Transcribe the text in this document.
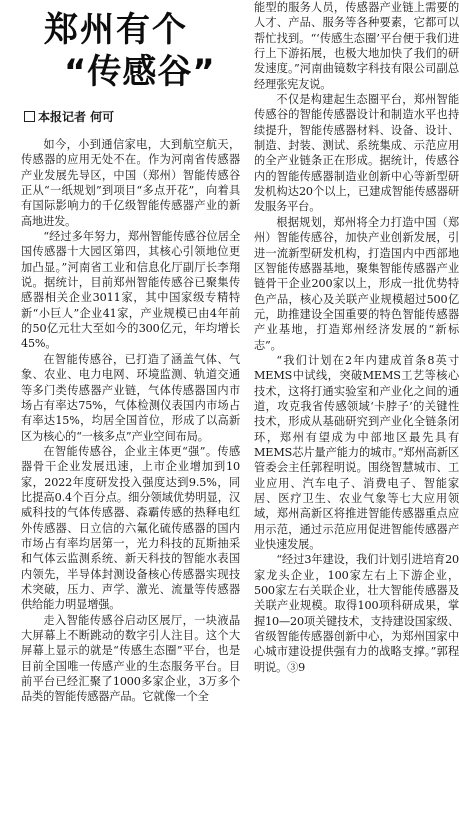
郑州有个
“传感谷”
本报记者 何可

如今，小到通信家电，大到航空航天，传感器的应用无处不在。作为河南省传感器产业发展先导区，中国（郑州）智能传感谷正从“一纸规划”到项目“多点开花”，向着具有国际影响力的千亿级智能传感器产业的新高地进发。

“经过多年努力，郑州智能传感谷位居全国传感器十大园区第四，其核心引领地位更加凸显。”河南省工业和信息化厅副厅长李翔说。据统计，目前郑州智能传感谷已聚集传感器相关企业3011家，其中国家级专精特新“小巨人”企业41家，产业规模已由4年前的50亿元壮大至如今的300亿元，年均增长45%。

在智能传感谷，已打造了涵盖气体、气象、农业、电力电网、环境监测、轨道交通等多门类传感器产业链，气体传感器国内市场占有率达75%，气体检测仪表国内市场占有率达15%，均居全国首位，形成了以高新区为核心的“一核多点”产业空间布局。

在智能传感谷，企业主体更“强”。传感器骨干企业发展迅速，上市企业增加到10家，2022年度研发投入强度达到9.5%，同比提高0.4个百分点。细分领域优势明显，汉威科技的气体传感器、森霸传感的热释电红外传感器、日立信的六氟化硫传感器的国内市场占有率均居第一，光力科技的瓦斯抽采和气体云监测系统、新天科技的智能水表国内领先，半导体封测设备核心传感器实现技术突破，压力、声学、激光、流量等传感器供给能力明显增强。

走入智能传感谷启动区展厅，一块液晶大屏幕上不断跳动的数字引人注目。这个大屏幕上显示的就是“传感生态圈”平台，也是目前全国唯一传感产业的生态服务平台。目前平台已经汇聚了1000多家企业，3万多个品类的智能传感器产品。它就像一个全

能型的服务人员，传感器产业链上需要的人才、产品、服务等各种要素，它都可以帮忙找到。“‘传感生态圈’平台便于我们进行上下游拓展，也极大地加快了我们的研发速度。”河南曲镜数字科技有限公司副总经理张宪友说。

不仅是构建起生态圈平台，郑州智能传感谷的智能传感器设计和制造水平也持续提升，智能传感器材料、设备、设计、制造、封装、测试、系统集成、示范应用的全产业链条正在形成。据统计，传感谷内的智能传感器制造业创新中心等新型研发机构达20个以上，已建成智能传感器研发服务平台。

根据规划，郑州将全力打造中国（郑州）智能传感谷，加快产业创新发展，引进一流新型研发机构，打造国内中西部地区智能传感器基地，聚集智能传感器产业链骨干企业200家以上，形成一批优势特色产品，核心及关联产业规模超过500亿元，助推建设全国重要的特色智能传感器产业基地，打造郑州经济发展的“新标志”。

“我们计划在2年内建成首条8英寸MEMS中试线，突破MEMS工艺等核心技术，这将打通实验室和产业化之间的通道，攻克我省传感领域‘卡脖子’的关键性技术，形成从基础研究到产业化全链条闭环，郑州有望成为中部地区最先具有MEMS芯片量产能力的城市。”郑州高新区管委会主任郭程明说。围绕智慧城市、工业应用、汽车电子、消费电子、智能家居、医疗卫生、农业气象等七大应用领域，郑州高新区将推进智能传感器重点应用示范，通过示范应用促进智能传感器产业快速发展。

“经过3年建设，我们计划引进培育20家龙头企业，100家左右上下游企业，500家左右关联企业，壮大智能传感器及关联产业规模。取得100项科研成果，掌握10—20项关键技术，支持建设国家级、省级智能传感器创新中心，为郑州国家中心城市建设提供强有力的战略支撑。”郭程明说。③9
